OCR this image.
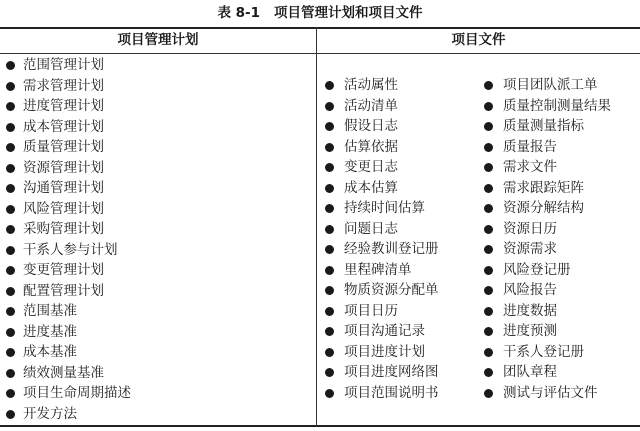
表 8-1 项目管理计划和项目文件
项目管理计划	项目文件
范围管理计划
需求管理计划
进度管理计划
成本管理计划
质量管理计划
资源管理计划
沟通管理计划
风险管理计划
采购管理计划
干系人参与计划
变更管理计划
配置管理计划
范围基准
进度基准
成本基准
绩效测量基准
项目生命周期描述
开发方法
活动属性
活动清单
假设日志
估算依据
变更日志
成本估算
持续时间估算
问题日志
经验教训登记册
里程碑清单
物质资源分配单
项目日历
项目沟通记录
项目进度计划
项目进度网络图
项目范围说明书
项目团队派工单
质量控制测量结果
质量测量指标
质量报告
需求文件
需求跟踪矩阵
资源分解结构
资源日历
资源需求
风险登记册
风险报告
进度数据
进度预测
干系人登记册
团队章程
测试与评估文件
